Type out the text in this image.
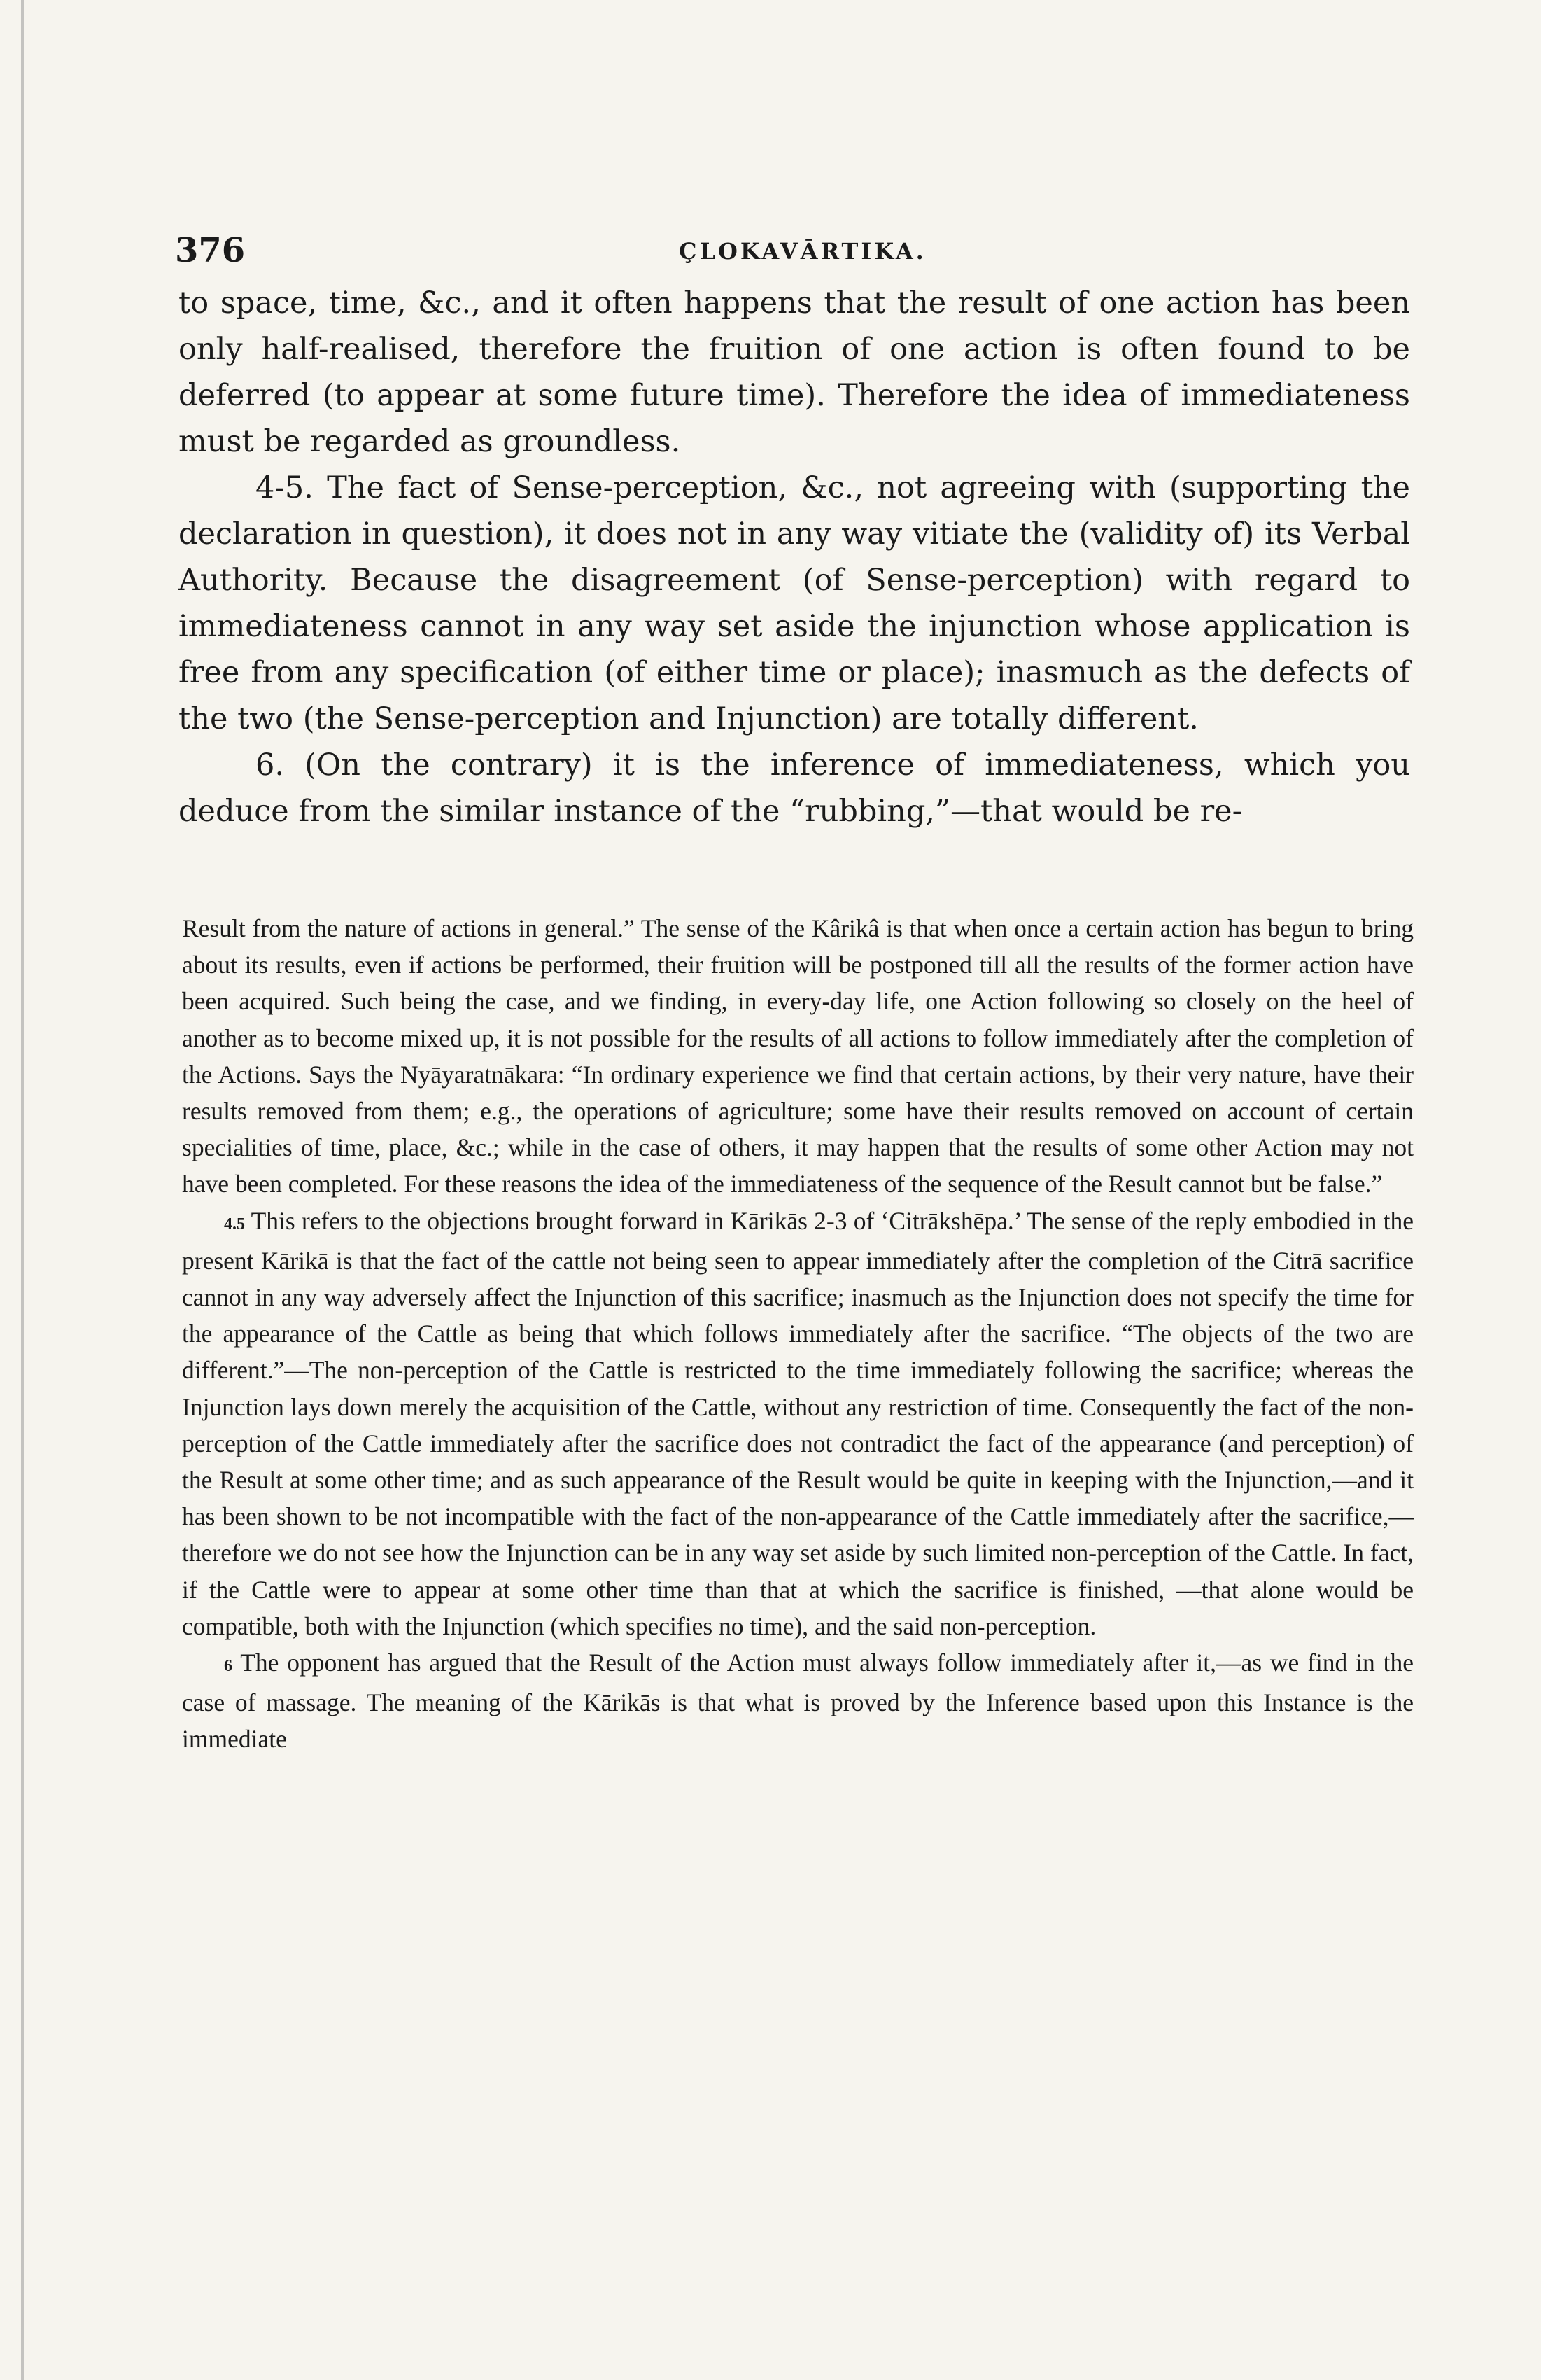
376	ÇLOKAVĀRTIKA.

to space, time, &c., and it often happens that the result of one action has been only half-realised, therefore the fruition of one action is often found to be deferred (to appear at some future time). Therefore the idea of immediateness must be regarded as groundless.

4-5. The fact of Sense-perception, &c., not agreeing with (supporting the declaration in question), it does not in any way vitiate the (validity of) its Verbal Authority. Because the disagreement (of Sense-perception) with regard to immediateness cannot in any way set aside the injunction whose application is free from any specification (of either time or place); inasmuch as the defects of the two (the Sense-perception and Injunction) are totally different.

6. (On the contrary) it is the inference of immediateness, which you deduce from the similar instance of the “rubbing,”—that would be re-

Result from the nature of actions in general.” The sense of the Kârikâ is that when once a certain action has begun to bring about its results, even if actions be performed, their fruition will be postponed till all the results of the former action have been acquired. Such being the case, and we finding, in every-day life, one Action following so closely on the heel of another as to become mixed up, it is not possible for the results of all actions to follow immediately after the completion of the Actions. Says the Nyāyaratnākara: “In ordinary experience we find that certain actions, by their very nature, have their results removed from them; e.g., the operations of agriculture; some have their results removed on account of certain specialities of time, place, &c.; while in the case of others, it may happen that the results of some other Action may not have been completed. For these reasons the idea of the immediateness of the sequence of the Result cannot but be false.”

4.5 This refers to the objections brought forward in Kārikās 2-3 of ‘Citrākshēpa.’ The sense of the reply embodied in the present Kārikā is that the fact of the cattle not being seen to appear immediately after the completion of the Citrā sacrifice cannot in any way adversely affect the Injunction of this sacrifice; inasmuch as the Injunction does not specify the time for the appearance of the Cattle as being that which follows immediately after the sacrifice. “The objects of the two are different.”—The non-perception of the Cattle is restricted to the time immediately following the sacrifice; whereas the Injunction lays down merely the acquisition of the Cattle, without any restriction of time. Consequently the fact of the non-perception of the Cattle immediately after the sacrifice does not contradict the fact of the appearance (and perception) of the Result at some other time; and as such appearance of the Result would be quite in keeping with the Injunction,—and it has been shown to be not incompatible with the fact of the non-appearance of the Cattle immediately after the sacrifice,—therefore we do not see how the Injunction can be in any way set aside by such limited non-perception of the Cattle. In fact, if the Cattle were to appear at some other time than that at which the sacrifice is finished, —that alone would be compatible, both with the Injunction (which specifies no time), and the said non-perception.

6 The opponent has argued that the Result of the Action must always follow immediately after it,—as we find in the case of massage. The meaning of the Kārikās is that what is proved by the Inference based upon this Instance is the immediate
